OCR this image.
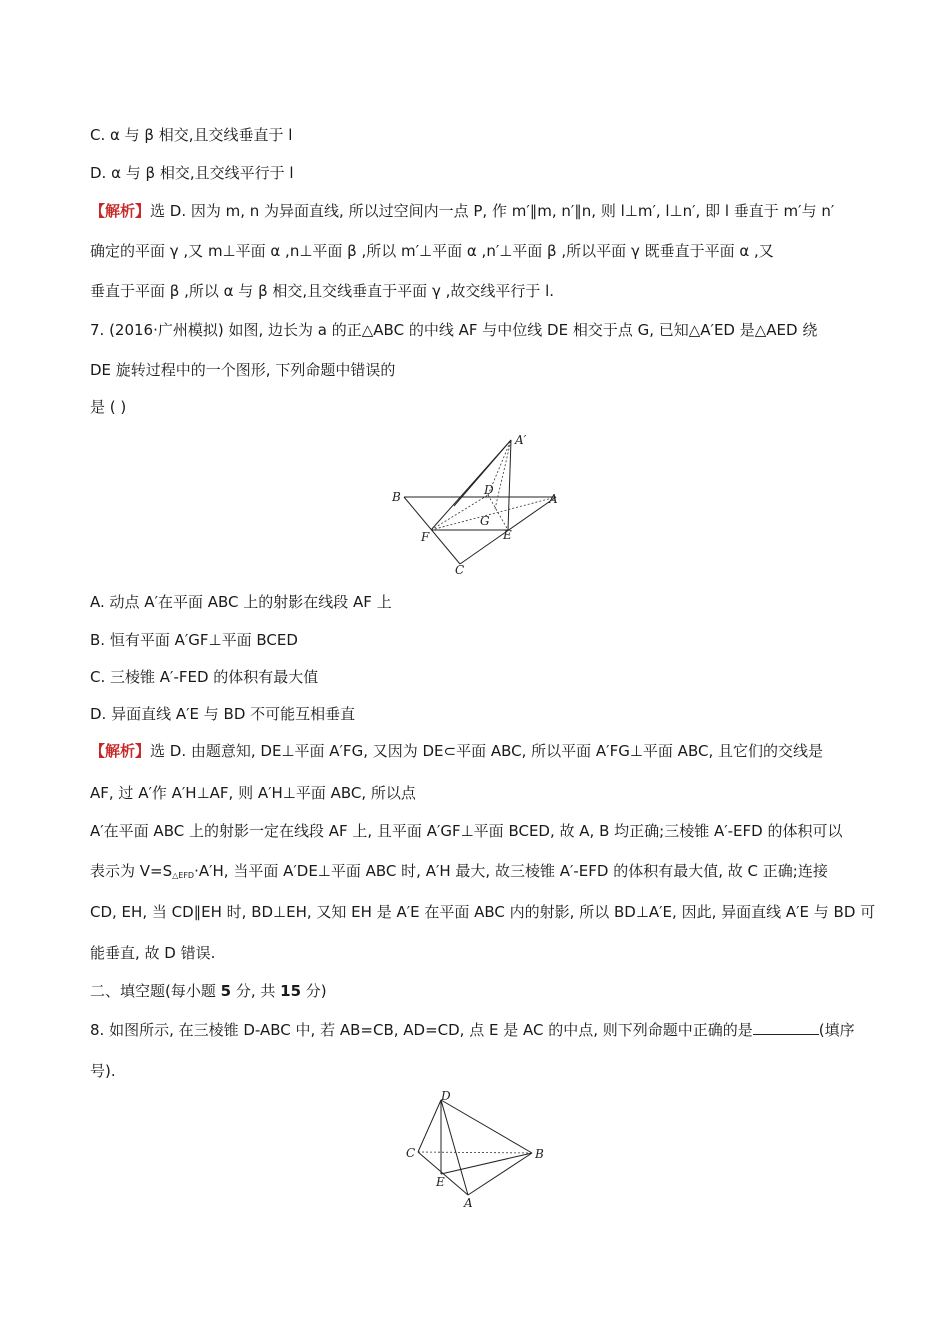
C. α 与 β 相交,且交线垂直于 l
D. α 与 β 相交,且交线平行于 l
【解析】选 D. 因为 m, n 为异面直线, 所以过空间内一点 P, 作 m′∥m, n′∥n, 则 l⊥m′, l⊥n′, 即 l 垂直于 m′与 n′
确定的平面 γ ,又 m⊥平面 α ,n⊥平面 β ,所以 m′⊥平面 α ,n′⊥平面 β ,所以平面 γ 既垂直于平面 α ,又
垂直于平面 β ,所以 α 与 β 相交,且交线垂直于平面 γ ,故交线平行于 l.
7. (2016·广州模拟) 如图, 边长为 a 的正△ABC 的中线 AF 与中位线 DE 相交于点 G, 已知△A′ED 是△AED 绕
DE 旋转过程中的一个图形, 下列命题中错误的
是 ( )
A′
B	D
A
G
F	E
C
A. 动点 A′在平面 ABC 上的射影在线段 AF 上
B. 恒有平面 A′GF⊥平面 BCED
C. 三棱锥 A′-FED 的体积有最大值
D. 异面直线 A′E 与 BD 不可能互相垂直
【解析】选 D. 由题意知, DE⊥平面 A′FG, 又因为 DE⊂平面 ABC, 所以平面 A′FG⊥平面 ABC, 且它们的交线是
AF, 过 A′作 A′H⊥AF, 则 A′H⊥平面 ABC, 所以点
A′在平面 ABC 上的射影一定在线段 AF 上, 且平面 A′GF⊥平面 BCED, 故 A, B 均正确;三棱锥 A′-EFD 的体积可以
表示为 $V=S_{\triangle EFD}\cdot A'H$, 当平面 A′DE⊥平面 ABC 时, A′H 最大, 故三棱锥 A′-EFD 的体积有最大值, 故 C 正确;连接
CD, EH, 当 CD∥EH 时, BD⊥EH, 又知 EH 是 A′E 在平面 ABC 内的射影, 所以 BD⊥A′E, 因此, 异面直线 A′E 与 BD 可
能垂直, 故 D 错误.
二、填空题(每小题 5 分, 共 15 分)
8. 如图所示, 在三棱锥 D-ABC 中, 若 AB=CB, AD=CD, 点 E 是 AC 的中点, 则下列命题中正确的是	(填序
号).
D
C	B
E
A
